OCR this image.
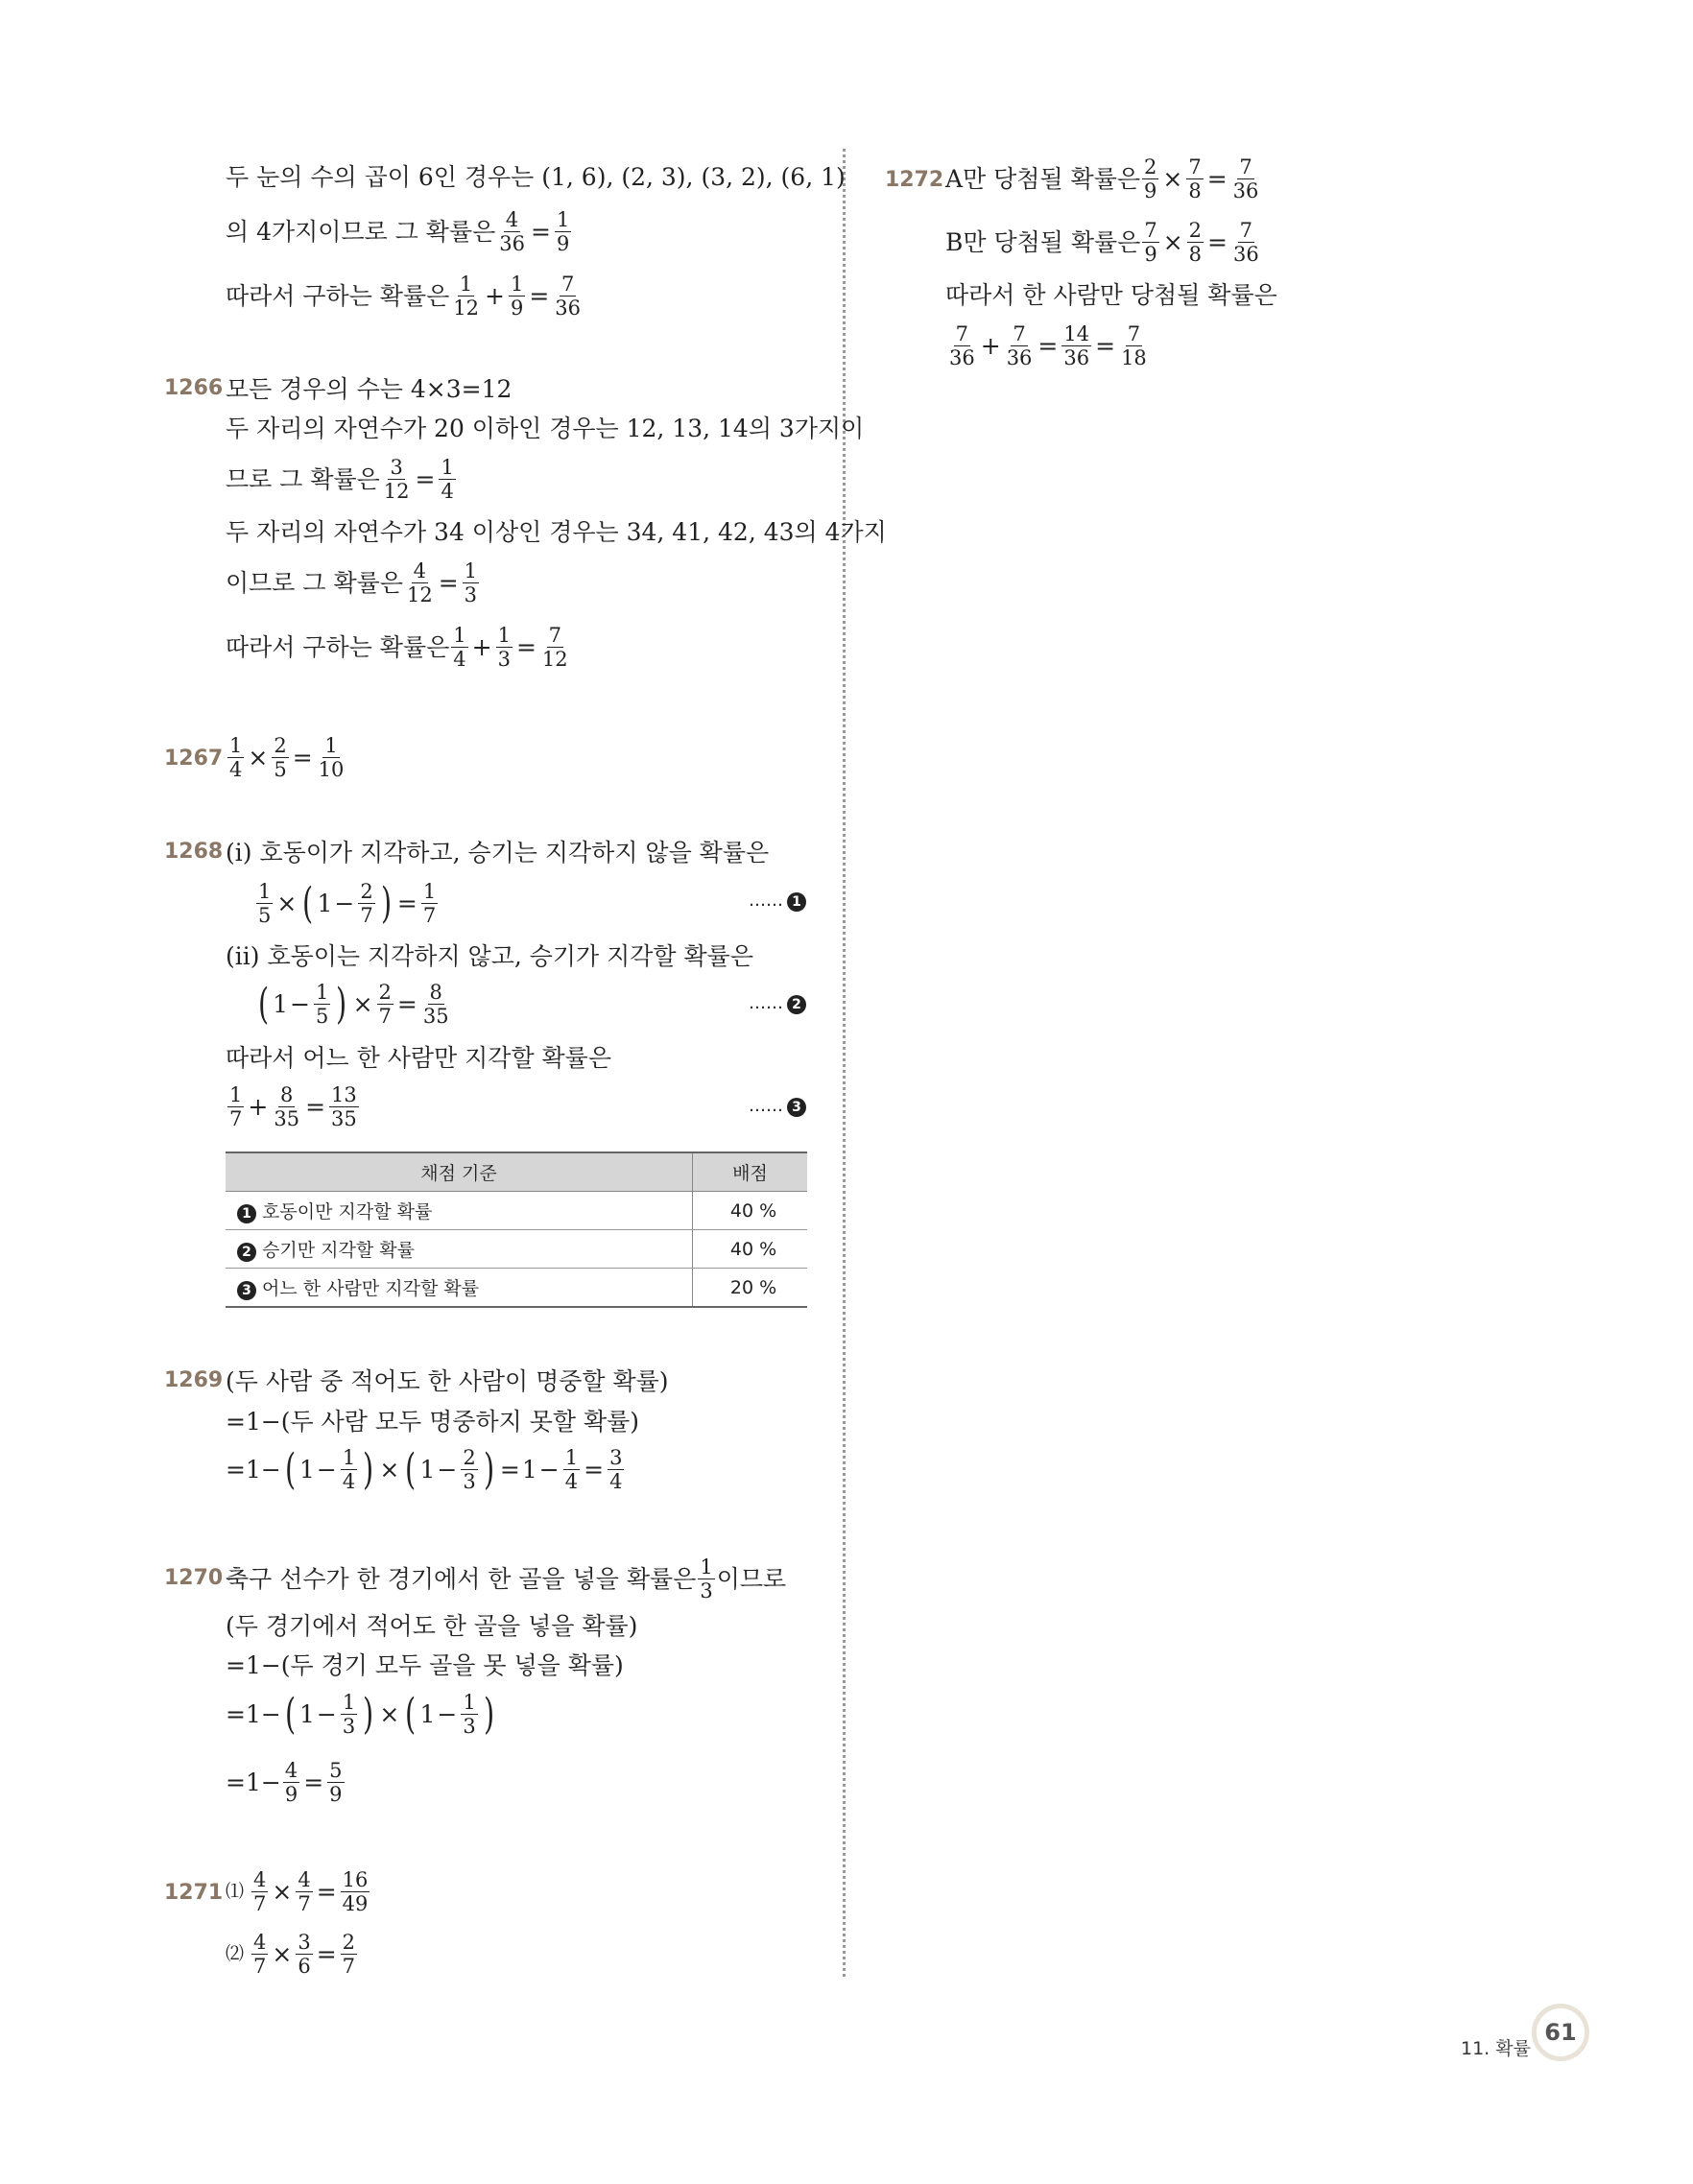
두 눈의 수의 곱이 6인 경우는 (1, 6), (2, 3), (3, 2), (6, 1)
의 4가지이므로 그 확률은 $\frac{4}{36} = \frac{1}{9}$
따라서 구하는 확률은 $\frac{1}{12} + \frac{1}{9} = \frac{7}{36}$
1266 모든 경우의 수는 4×3=12
두 자리의 자연수가 20 이하인 경우는 12, 13, 14의 3가지이
므로 그 확률은 $\frac{3}{12} = \frac{1}{4}$
두 자리의 자연수가 34 이상인 경우는 34, 41, 42, 43의 4가지
이므로 그 확률은 $\frac{4}{12} = \frac{1}{3}$
따라서 구하는 확률은 $\frac{1}{4} + \frac{1}{3} = \frac{7}{12}$
$1267 \frac{1}{4} \times \frac{2}{5} = \frac{1}{10}$
1268 (ⅰ) 호동이가 지각하고, 승기는 지각하지 않을 확률은
$\frac{1}{5}$ × ( $1 - \frac{2}{7}$ ) = $\frac{1}{7}$	…… 1
(ⅱ) 호동이는 지각하지 않고, 승기가 지각할 확률은
( $1 - \frac{1}{5}$ ) × $\frac{2}{7} = \frac{8}{35}$	…… 2
따라서 어느 한 사람만 지각할 확률은
$\frac{1}{7} + \frac{8}{35} = \frac{13}{35}$	…… 3
채점 기준	배점
1 호동이만 지각할 확률	40 %
2 승기만 지각할 확률	40 %
3 어느 한 사람만 지각할 확률	20 %
1269 (두 사람 중 적어도 한 사람이 명중할 확률)
=1−(두 사람 모두 명중하지 못할 확률)
=1− ( $1 - \frac{1}{4}$ ) × ( $1 - \frac{2}{3}$ ) = $1 - \frac{1}{4} = \frac{3}{4}$
1270 축구 선수가 한 경기에서 한 골을 넣을 확률은 $\frac{1}{3}$ 이므로
(두 경기에서 적어도 한 골을 넣을 확률)
=1−(두 경기 모두 골을 못 넣을 확률)
=1− ( $1 - \frac{1}{3}$ ) × ( $1 - \frac{1}{3}$ )
$=1- \frac{4}{9} = \frac{5}{9}$
1271 ⑴ $\frac{4}{7} \times \frac{4}{7} = \frac{16}{49}$
⑵ $\frac{4}{7} \times \frac{3}{6} = \frac{2}{7}$
1272 A만 당첨될 확률은 $\frac{2}{9} \times \frac{7}{8} = \frac{7}{36}$
B만 당첨될 확률은 $\frac{7}{9} \times \frac{2}{8} = \frac{7}{36}$
따라서 한 사람만 당첨될 확률은
$\frac{7}{36} + \frac{7}{36} = \frac{14}{36} = \frac{7}{18}$
11. 확률
61
